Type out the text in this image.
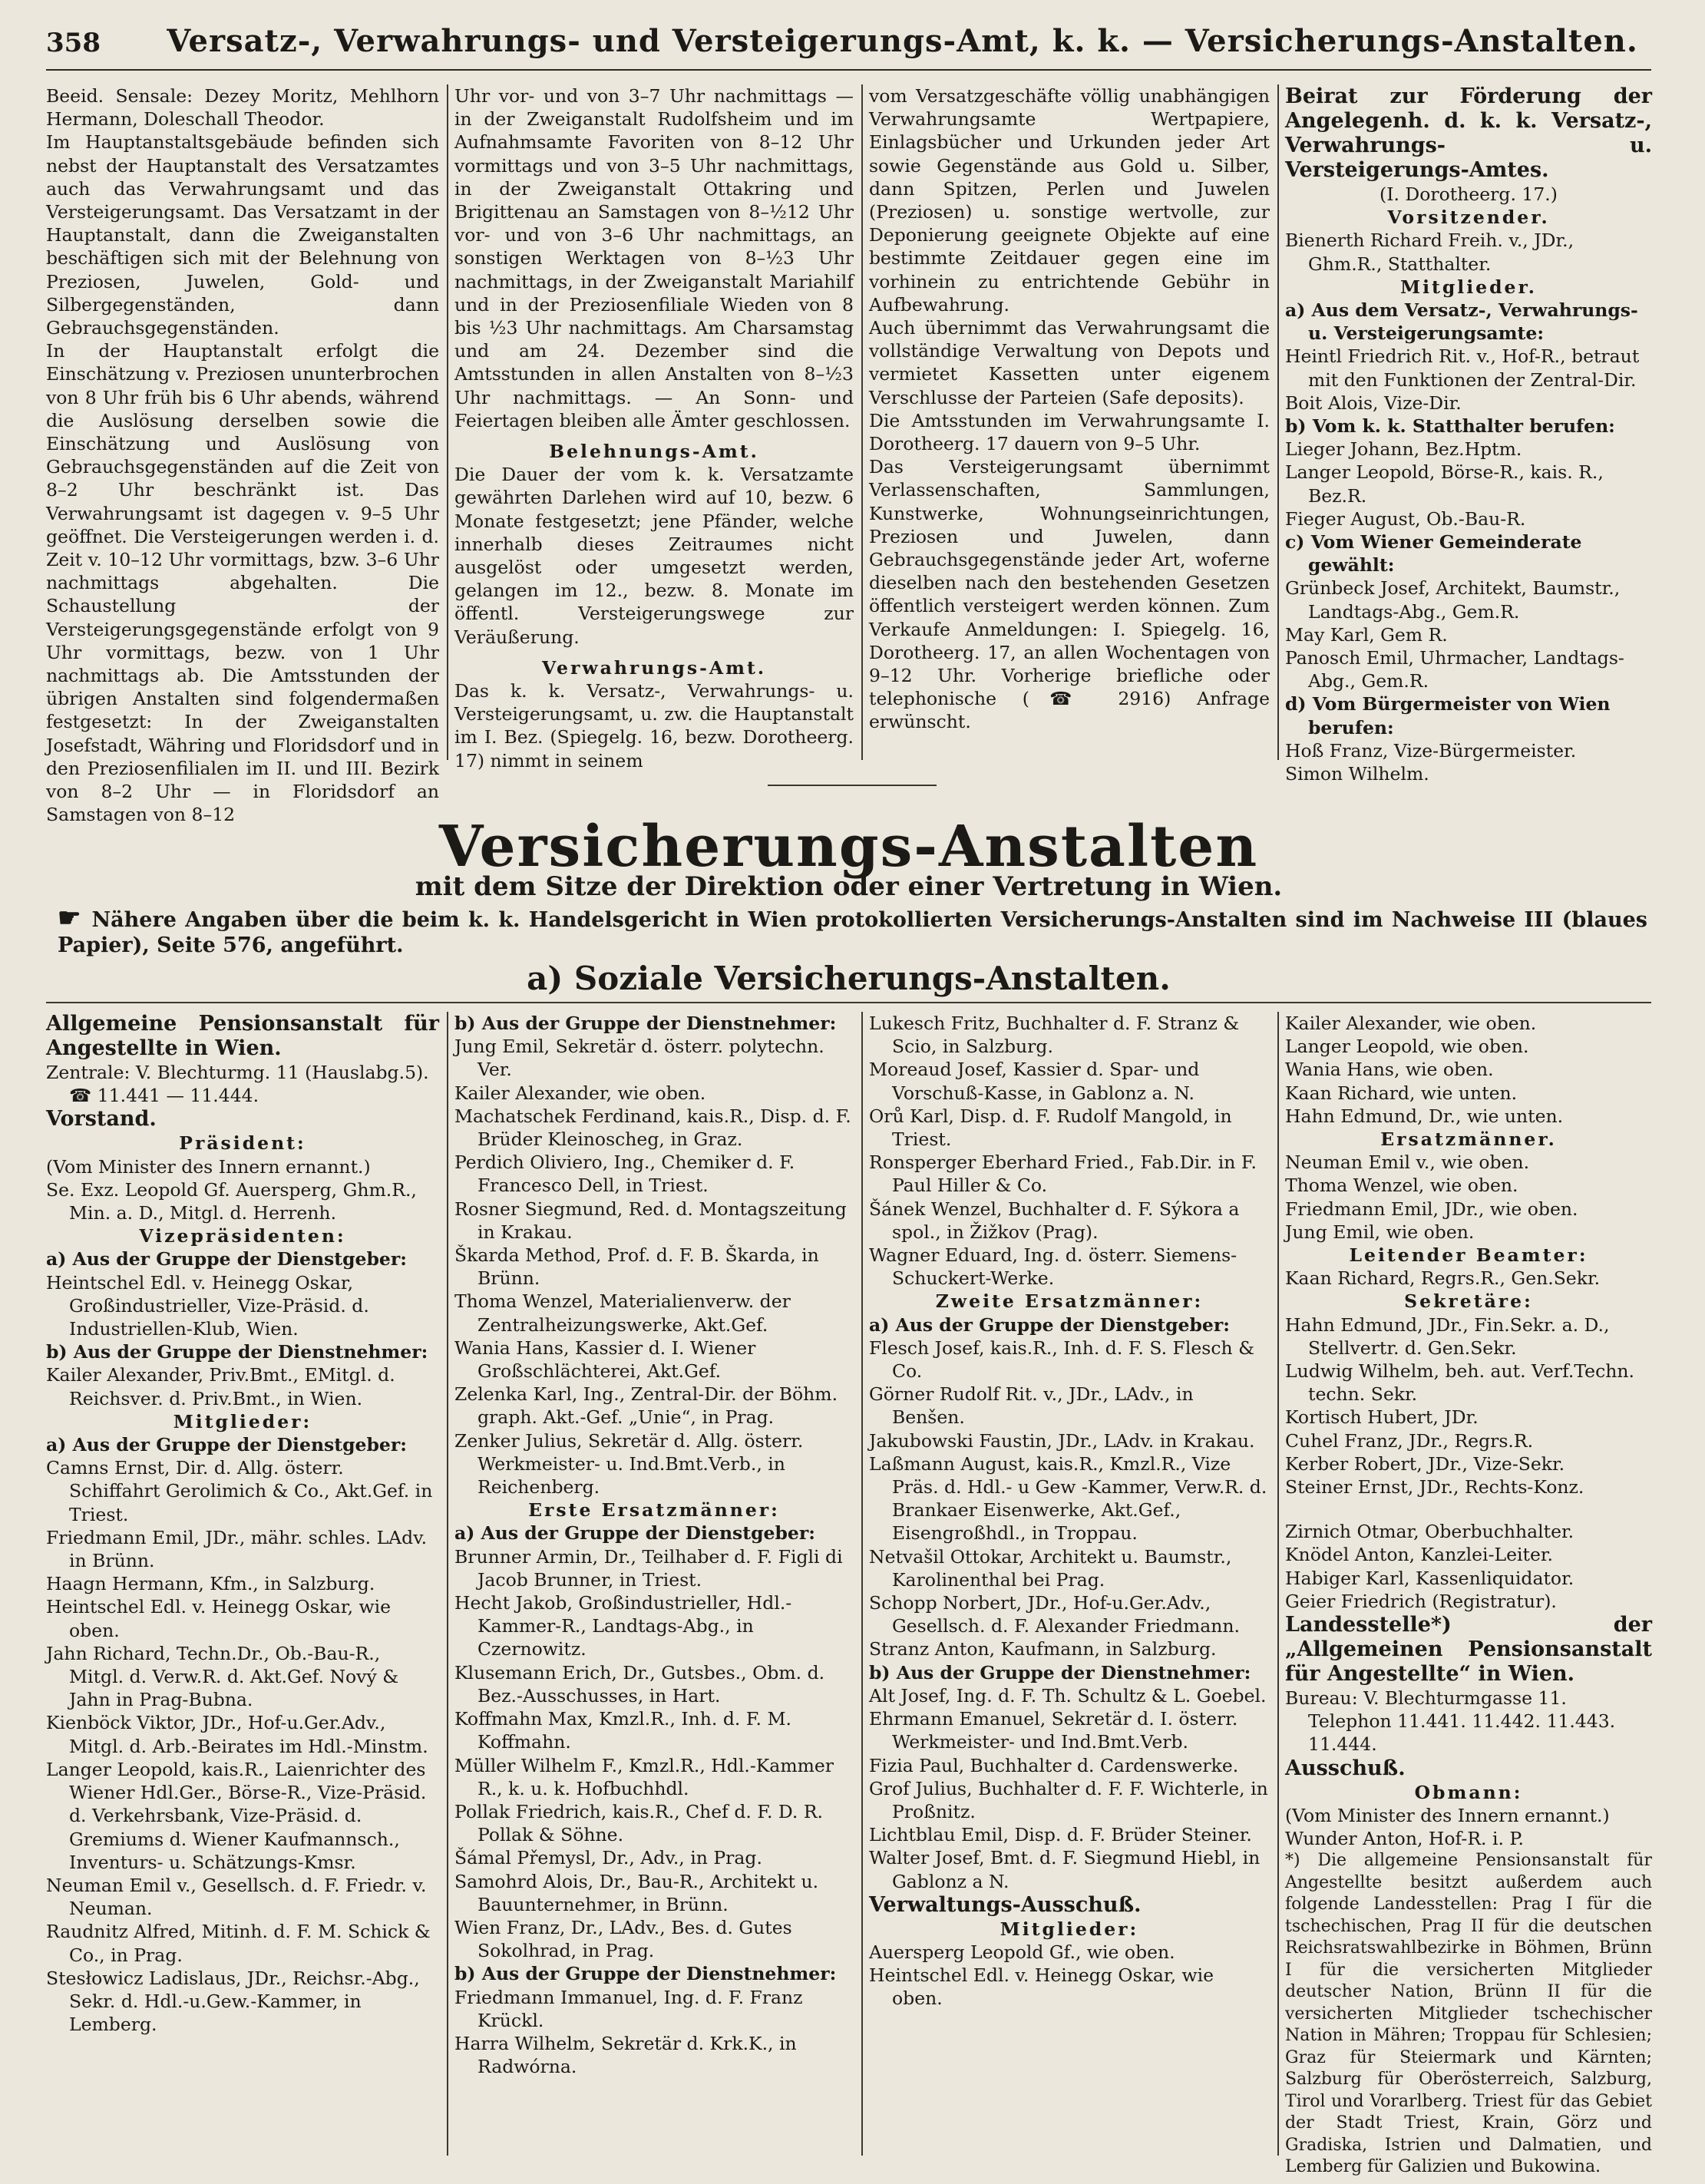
358	Versatz-, Verwahrungs- und Versteigerungs-Amt, k. k. — Versicherungs-Anstalten.

Beeid. Sensale: Dezey Moritz, Mehlhorn Hermann, Doleschall Theodor.

Im Hauptanstaltsgebäude befinden sich nebst der Hauptanstalt des Versatzamtes auch das Verwahrungsamt und das Versteigerungsamt. Das Versatzamt in der Hauptanstalt, dann die Zweiganstalten beschäftigen sich mit der Belehnung von Preziosen, Juwelen, Gold- und Silbergegenständen, dann Gebrauchsgegenständen.

In der Hauptanstalt erfolgt die Einschätzung v. Preziosen ununterbrochen von 8 Uhr früh bis 6 Uhr abends, während die Auslösung derselben sowie die Einschätzung und Auslösung von Gebrauchsgegenständen auf die Zeit von 8–2 Uhr beschränkt ist. Das Verwahrungsamt ist dagegen v. 9–5 Uhr geöffnet. Die Versteigerungen werden i. d. Zeit v. 10–12 Uhr vormittags, bzw. 3–6 Uhr nachmittags abgehalten. Die Schaustellung der Versteigerungsgegenstände erfolgt von 9 Uhr vormittags, bezw. von 1 Uhr nachmittags ab. Die Amtsstunden der übrigen Anstalten sind folgendermaßen festgesetzt: In der Zweiganstalten Josefstadt, Währing und Floridsdorf und in den Preziosenfilialen im II. und III. Bezirk von 8–2 Uhr — in Floridsdorf an Samstagen von 8–12

Uhr vor- und von 3–7 Uhr nachmittags — in der Zweiganstalt Rudolfsheim und im Aufnahmsamte Favoriten von 8–12 Uhr vormittags und von 3–5 Uhr nachmittags, in der Zweiganstalt Ottakring und Brigittenau an Samstagen von 8–½12 Uhr vor- und von 3–6 Uhr nachmittags, an sonstigen Werktagen von 8–½3 Uhr nachmittags, in der Zweiganstalt Mariahilf und in der Preziosenfiliale Wieden von 8 bis ½3 Uhr nachmittags. Am Charsamstag und am 24. Dezember sind die Amtsstunden in allen Anstalten von 8–½3 Uhr nachmittags. — An Sonn- und Feiertagen bleiben alle Ämter geschlossen.

Belehnungs-Amt.

Die Dauer der vom k. k. Versatzamte gewährten Darlehen wird auf 10, bezw. 6 Monate festgesetzt; jene Pfänder, welche innerhalb dieses Zeitraumes nicht ausgelöst oder umgesetzt werden, gelangen im 12., bezw. 8. Monate im öffentl. Versteigerungswege zur Veräußerung.

Verwahrungs-Amt.

Das k. k. Versatz-, Verwahrungs- u. Versteigerungsamt, u. zw. die Hauptanstalt im I. Bez. (Spiegelg. 16, bezw. Dorotheerg. 17) nimmt in seinem

vom Versatzgeschäfte völlig unabhängigen Verwahrungsamte Wertpapiere, Einlagsbücher und Urkunden jeder Art sowie Gegenstände aus Gold u. Silber, dann Spitzen, Perlen und Juwelen (Preziosen) u. sonstige wertvolle, zur Deponierung geeignete Objekte auf eine bestimmte Zeitdauer gegen eine im vorhinein zu entrichtende Gebühr in Aufbewahrung.

Auch übernimmt das Verwahrungsamt die vollständige Verwaltung von Depots und vermietet Kassetten unter eigenem Verschlusse der Parteien (Safe deposits).

Die Amtsstunden im Verwahrungsamte I. Dorotheerg. 17 dauern von 9–5 Uhr.

Das Versteigerungsamt übernimmt Verlassenschaften, Sammlungen, Kunstwerke, Wohnungseinrichtungen, Preziosen und Juwelen, dann Gebrauchsgegenstände jeder Art, woferne dieselben nach den bestehenden Gesetzen öffentlich versteigert werden können. Zum Verkaufe Anmeldungen: I. Spiegelg. 16, Dorotheerg. 17, an allen Wochentagen von 9–12 Uhr. Vorherige briefliche oder telephonische (☎ 2916) Anfrage erwünscht.

Beirat zur Förderung der Angelegenh. d. k. k. Versatz-, Verwahrungs- u. Versteigerungs-Amtes.

(I. Dorotheerg. 17.)

Vorsitzender.

Bienerth Richard Freih. v., JDr., Ghm.R., Statthalter.

Mitglieder.

a) Aus dem Versatz-, Verwahrungs- u. Versteigerungsamte:

Heintl Friedrich Rit. v., Hof-R., betraut mit den Funktionen der Zentral-Dir.

Boit Alois, Vize-Dir.

b) Vom k. k. Statthalter berufen:

Lieger Johann, Bez.Hptm.

Langer Leopold, Börse-R., kais. R., Bez.R.

Fieger August, Ob.-Bau-R.

c) Vom Wiener Gemeinderate gewählt:

Grünbeck Josef, Architekt, Baumstr., Landtags-Abg., Gem.R.

May Karl, Gem R.

Panosch Emil, Uhrmacher, Landtags-Abg., Gem.R.

d) Vom Bürgermeister von Wien berufen:

Hoß Franz, Vize-Bürgermeister.

Simon Wilhelm.

Versicherungs-Anstalten
mit dem Sitze der Direktion oder einer Vertretung in Wien.
☛ Nähere Angaben über die beim k. k. Handelsgericht in Wien protokollierten Versicherungs-Anstalten sind im Nachweise III (blaues Papier), Seite 576, angeführt.
a) Soziale Versicherungs-Anstalten.

Allgemeine Pensionsanstalt für Angestellte in Wien.

Zentrale: V. Blechturmg. 11 (Hauslabg.5). ☎ 11.441 — 11.444.

Vorstand.

Präsident:

(Vom Minister des Innern ernannt.)

Se. Exz. Leopold Gf. Auersperg, Ghm.R., Min. a. D., Mitgl. d. Herrenh.

Vizepräsidenten:

a) Aus der Gruppe der Dienstgeber:

Heintschel Edl. v. Heinegg Oskar, Großindustrieller, Vize-Präsid. d. Industriellen-Klub, Wien.

b) Aus der Gruppe der Dienstnehmer:

Kailer Alexander, Priv.Bmt., EMitgl. d. Reichsver. d. Priv.Bmt., in Wien.

Mitglieder:

a) Aus der Gruppe der Dienstgeber:

Camns Ernst, Dir. d. Allg. österr. Schiffahrt Gerolimich & Co., Akt.Gef. in Triest.

Friedmann Emil, JDr., mähr. schles. LAdv. in Brünn.

Haagn Hermann, Kfm., in Salzburg.

Heintschel Edl. v. Heinegg Oskar, wie oben.

Jahn Richard, Techn.Dr., Ob.-Bau-R., Mitgl. d. Verw.R. d. Akt.Gef. Nový & Jahn in Prag-Bubna.

Kienböck Viktor, JDr., Hof-u.Ger.Adv., Mitgl. d. Arb.-Beirates im Hdl.-Minstm.

Langer Leopold, kais.R., Laienrichter des Wiener Hdl.Ger., Börse-R., Vize-Präsid. d. Verkehrsbank, Vize-Präsid. d. Gremiums d. Wiener Kaufmannsch., Inventurs- u. Schätzungs-Kmsr.

Neuman Emil v., Gesellsch. d. F. Friedr. v. Neuman.

Raudnitz Alfred, Mitinh. d. F. M. Schick & Co., in Prag.

Stesłowicz Ladislaus, JDr., Reichsr.-Abg., Sekr. d. Hdl.-u.Gew.-Kammer, in Lemberg.

b) Aus der Gruppe der Dienstnehmer:

Jung Emil, Sekretär d. österr. polytechn. Ver.

Kailer Alexander, wie oben.

Machatschek Ferdinand, kais.R., Disp. d. F. Brüder Kleinoscheg, in Graz.

Perdich Oliviero, Ing., Chemiker d. F. Francesco Dell, in Triest.

Rosner Siegmund, Red. d. Montagszeitung in Krakau.

Škarda Method, Prof. d. F. B. Škarda, in Brünn.

Thoma Wenzel, Materialienverw. der Zentralheizungswerke, Akt.Gef.

Wania Hans, Kassier d. I. Wiener Großschlächterei, Akt.Gef.

Zelenka Karl, Ing., Zentral-Dir. der Böhm. graph. Akt.-Gef. „Unie“, in Prag.

Zenker Julius, Sekretär d. Allg. österr. Werkmeister- u. Ind.Bmt.Verb., in Reichenberg.

Erste Ersatzmänner:

a) Aus der Gruppe der Dienstgeber:

Brunner Armin, Dr., Teilhaber d. F. Figli di Jacob Brunner, in Triest.

Hecht Jakob, Großindustrieller, Hdl.-Kammer-R., Landtags-Abg., in Czernowitz.

Klusemann Erich, Dr., Gutsbes., Obm. d. Bez.-Ausschusses, in Hart.

Koffmahn Max, Kmzl.R., Inh. d. F. M. Koffmahn.

Müller Wilhelm F., Kmzl.R., Hdl.-Kammer R., k. u. k. Hofbuchhdl.

Pollak Friedrich, kais.R., Chef d. F. D. R. Pollak & Söhne.

Šámal Přemysl, Dr., Adv., in Prag.

Samohrd Alois, Dr., Bau-R., Architekt u. Bauunternehmer, in Brünn.

Wien Franz, Dr., LAdv., Bes. d. Gutes Sokolhrad, in Prag.

b) Aus der Gruppe der Dienstnehmer:

Friedmann Immanuel, Ing. d. F. Franz Krückl.

Harra Wilhelm, Sekretär d. Krk.K., in Radwórna.

Lukesch Fritz, Buchhalter d. F. Stranz & Scio, in Salzburg.

Moreaud Josef, Kassier d. Spar- und Vorschuß-Kasse, in Gablonz a. N.

Orů Karl, Disp. d. F. Rudolf Mangold, in Triest.

Ronsperger Eberhard Fried., Fab.Dir. in F. Paul Hiller & Co.

Šánek Wenzel, Buchhalter d. F. Sýkora a spol., in Žižkov (Prag).

Wagner Eduard, Ing. d. österr. Siemens-Schuckert-Werke.

Zweite Ersatzmänner:

a) Aus der Gruppe der Dienstgeber:

Flesch Josef, kais.R., Inh. d. F. S. Flesch & Co.

Görner Rudolf Rit. v., JDr., LAdv., in Benšen.

Jakubowski Faustin, JDr., LAdv. in Krakau.

Laßmann August, kais.R., Kmzl.R., Vize Präs. d. Hdl.- u Gew -Kammer, Verw.R. d. Brankaer Eisenwerke, Akt.Gef., Eisengroßhdl., in Troppau.

Netvašil Ottokar, Architekt u. Baumstr., Karolinenthal bei Prag.

Schopp Norbert, JDr., Hof-u.Ger.Adv., Gesellsch. d. F. Alexander Friedmann.

Stranz Anton, Kaufmann, in Salzburg.

b) Aus der Gruppe der Dienstnehmer:

Alt Josef, Ing. d. F. Th. Schultz & L. Goebel.

Ehrmann Emanuel, Sekretär d. I. österr. Werkmeister- und Ind.Bmt.Verb.

Fizia Paul, Buchhalter d. Cardenswerke.

Grof Julius, Buchhalter d. F. F. Wichterle, in Proßnitz.

Lichtblau Emil, Disp. d. F. Brüder Steiner.

Walter Josef, Bmt. d. F. Siegmund Hiebl, in Gablonz a N.

Verwaltungs-Ausschuß.

Mitglieder:

Auersperg Leopold Gf., wie oben.

Heintschel Edl. v. Heinegg Oskar, wie oben.

Kailer Alexander, wie oben.

Langer Leopold, wie oben.

Wania Hans, wie oben.

Kaan Richard, wie unten.

Hahn Edmund, Dr., wie unten.

Ersatzmänner.

Neuman Emil v., wie oben.

Thoma Wenzel, wie oben.

Friedmann Emil, JDr., wie oben.

Jung Emil, wie oben.

Leitender Beamter:

Kaan Richard, Regrs.R., Gen.Sekr.

Sekretäre:

Hahn Edmund, JDr., Fin.Sekr. a. D., Stellvertr. d. Gen.Sekr.

Ludwig Wilhelm, beh. aut. Verf.Techn. techn. Sekr.

Kortisch Hubert, JDr.

Cuhel Franz, JDr., Regrs.R.

Kerber Robert, JDr., Vize-Sekr.

Steiner Ernst, JDr., Rechts-Konz.

Zirnich Otmar, Oberbuchhalter.

Knödel Anton, Kanzlei-Leiter.

Habiger Karl, Kassenliquidator.

Geier Friedrich (Registratur).

Landesstelle*) der „Allgemeinen Pensionsanstalt für Angestellte“ in Wien.

Bureau: V. Blechturmgasse 11. Telephon 11.441. 11.442. 11.443. 11.444.

Ausschuß.

Obmann:

(Vom Minister des Innern ernannt.)

Wunder Anton, Hof-R. i. P.

*) Die allgemeine Pensionsanstalt für Angestellte besitzt außerdem auch folgende Landesstellen: Prag I für die tschechischen, Prag II für die deutschen Reichsratswahlbezirke in Böhmen, Brünn I für die versicherten Mitglieder deutscher Nation, Brünn II für die versicherten Mitglieder tschechischer Nation in Mähren; Troppau für Schlesien; Graz für Steiermark und Kärnten; Salzburg für Oberösterreich, Salzburg, Tirol und Vorarlberg. Triest für das Gebiet der Stadt Triest, Krain, Görz und Gradiska, Istrien und Dalmatien, und Lemberg für Galizien und Bukowina.
